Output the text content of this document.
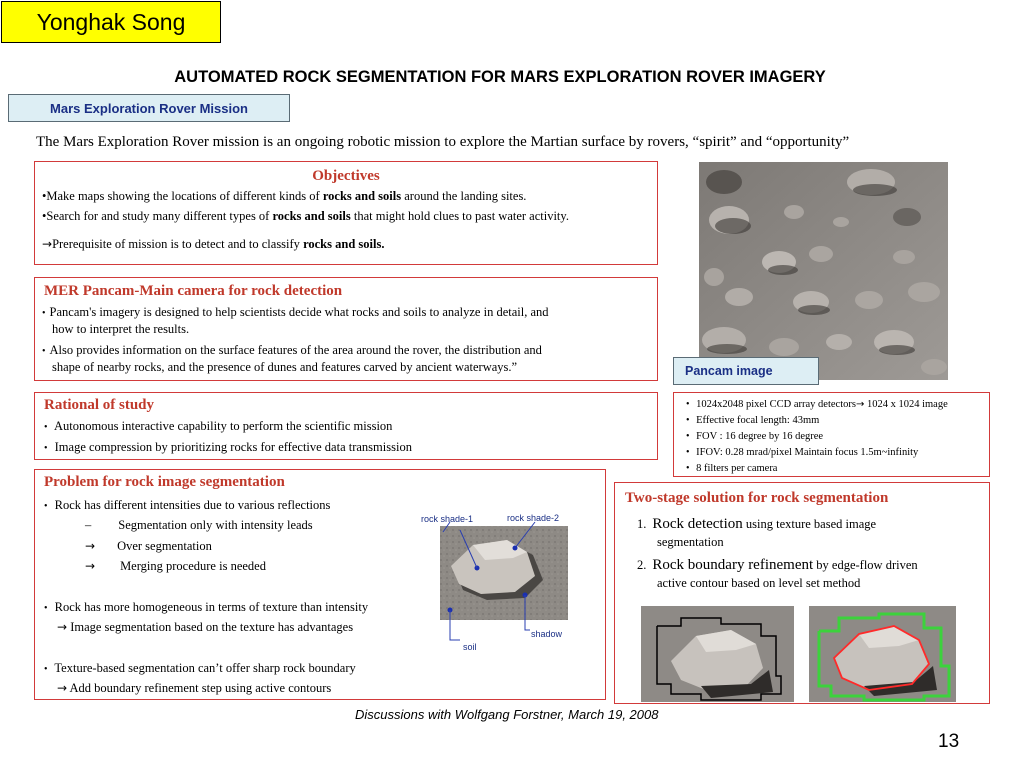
Yonghak Song
AUTOMATED ROCK SEGMENTATION FOR MARS EXPLORATION ROVER IMAGERY
Mars Exploration Rover Mission
The Mars Exploration Rover mission is an ongoing robotic mission to explore the Martian surface by rovers, “spirit” and “opportunity”
Objectives
•Make maps showing the locations of different kinds of rocks and soils around the landing sites.
•Search for and study many different types of rocks and soils that might hold clues to past water activity.
→Prerequisite of mission is to detect and to classify rocks and soils.
MER Pancam-Main camera for rock detection
• Pancam's imagery is designed to help scientists decide what rocks and soils to analyze in detail, and
how to interpret the results.
• Also provides information on the surface features of the area around the rover, the distribution and
shape of nearby rocks, and the presence of dunes and features carved by ancient waterways.”
Rational of study
• Autonomous interactive capability to perform the scientific mission
• Image compression by prioritizing rocks for effective data transmission
Problem for rock image segmentation
• Rock has different intensities due to various reflections
– Segmentation only with intensity leads
→ Over segmentation
→ Merging procedure is needed
• Rock has more homogeneous in terms of texture than intensity
→ Image segmentation based on the texture has advantages
• Texture-based segmentation can’t offer sharp rock boundary
→ Add boundary refinement step using active contours
rock shade-1	rock shade-2
shadow
soil
Pancam image
• 1024x2048 pixel CCD array detectors→ 1024 x 1024 image
• Effective focal length: 43mm
• FOV : 16 degree by 16 degree
• IFOV: 0.28 mrad/pixel Maintain focus 1.5m~infinity
• 8 filters per camera
Two-stage solution for rock segmentation
1. Rock detection using texture based image
segmentation
2. Rock boundary refinement by edge-flow driven
active contour based on level set method
Discussions with Wolfgang Forstner, March 19, 2008
13
